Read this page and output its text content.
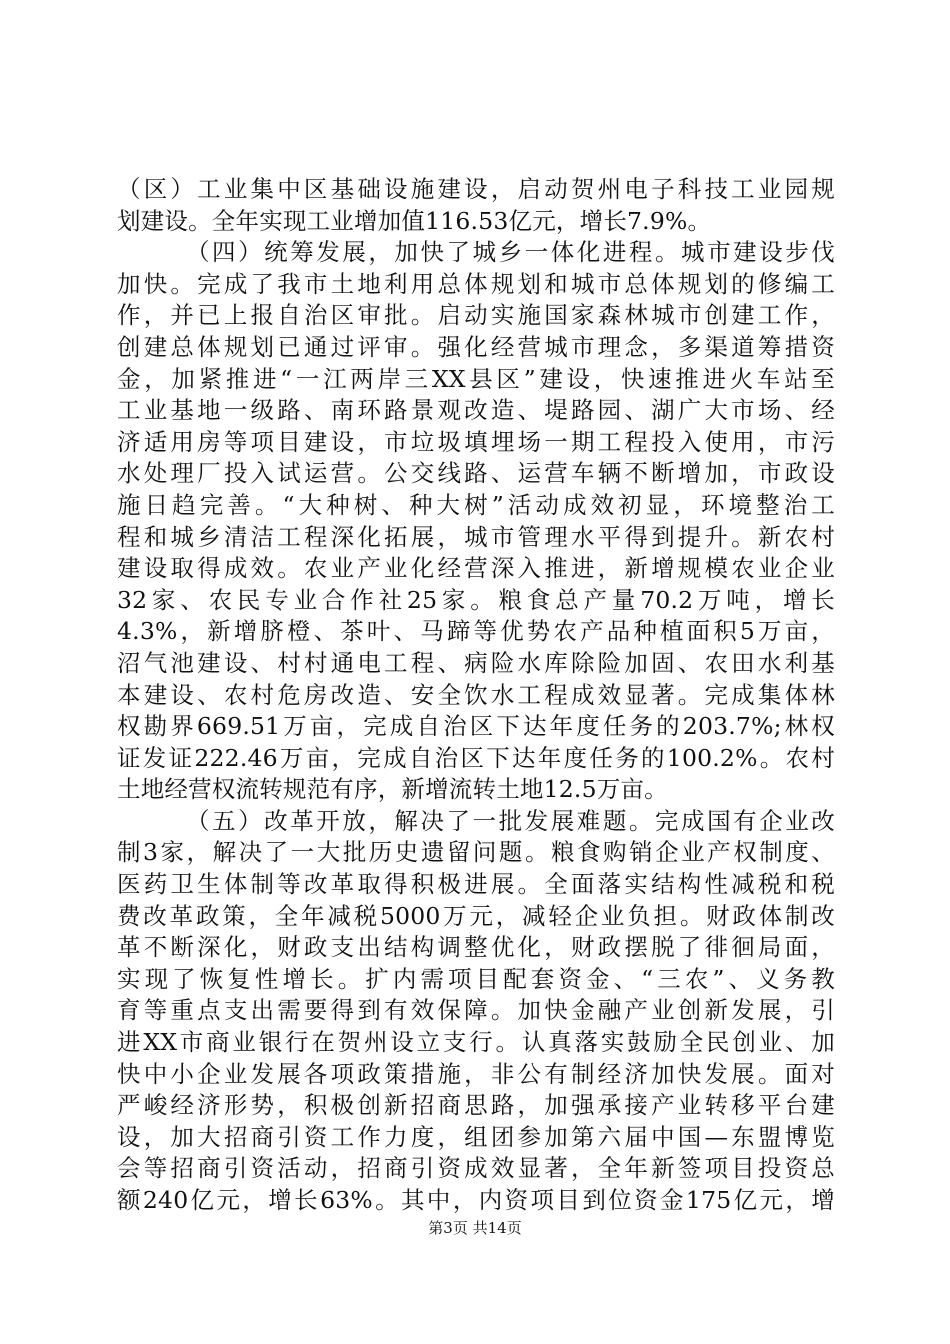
（区）工业集中区基础设施建设，启动贺州电子科技工业园规
划建设。全年实现工业增加值116.53亿元，增长7.9%。
（四）统筹发展，加快了城乡一体化进程。城市建设步伐
加快。完成了我市土地利用总体规划和城市总体规划的修编工
作，并已上报自治区审批。启动实施国家森林城市创建工作，
创建总体规划已通过评审。强化经营城市理念，多渠道筹措资
金，加紧推进“一江两岸三XX县区”建设，快速推进火车站至
工业基地一级路、南环路景观改造、堤路园、湖广大市场、经
济适用房等项目建设，市垃圾填埋场一期工程投入使用，市污
水处理厂投入试运营。公交线路、运营车辆不断增加，市政设
施日趋完善。“大种树、种大树”活动成效初显，环境整治工
程和城乡清洁工程深化拓展，城市管理水平得到提升。新农村
建设取得成效。农业产业化经营深入推进，新增规模农业企业
32家、农民专业合作社25家。粮食总产量70.2万吨，增长
4.3%，新增脐橙、茶叶、马蹄等优势农产品种植面积5万亩，
沼气池建设、村村通电工程、病险水库除险加固、农田水利基
本建设、农村危房改造、安全饮水工程成效显著。完成集体林
权勘界669.51万亩，完成自治区下达年度任务的203.7%;林权
证发证222.46万亩，完成自治区下达年度任务的100.2%。农村
土地经营权流转规范有序，新增流转土地12.5万亩。
（五）改革开放，解决了一批发展难题。完成国有企业改
制3家，解决了一大批历史遗留问题。粮食购销企业产权制度、
医药卫生体制等改革取得积极进展。全面落实结构性减税和税
费改革政策，全年减税5000万元，减轻企业负担。财政体制改
革不断深化，财政支出结构调整优化，财政摆脱了徘徊局面，
实现了恢复性增长。扩内需项目配套资金、“三农”、义务教
育等重点支出需要得到有效保障。加快金融产业创新发展，引
进XX市商业银行在贺州设立支行。认真落实鼓励全民创业、加
快中小企业发展各项政策措施，非公有制经济加快发展。面对
严峻经济形势，积极创新招商思路，加强承接产业转移平台建
设，加大招商引资工作力度，组团参加第六届中国—东盟博览
会等招商引资活动，招商引资成效显著，全年新签项目投资总
额240亿元，增长63%。其中，内资项目到位资金175亿元，增
第3页 共14页
